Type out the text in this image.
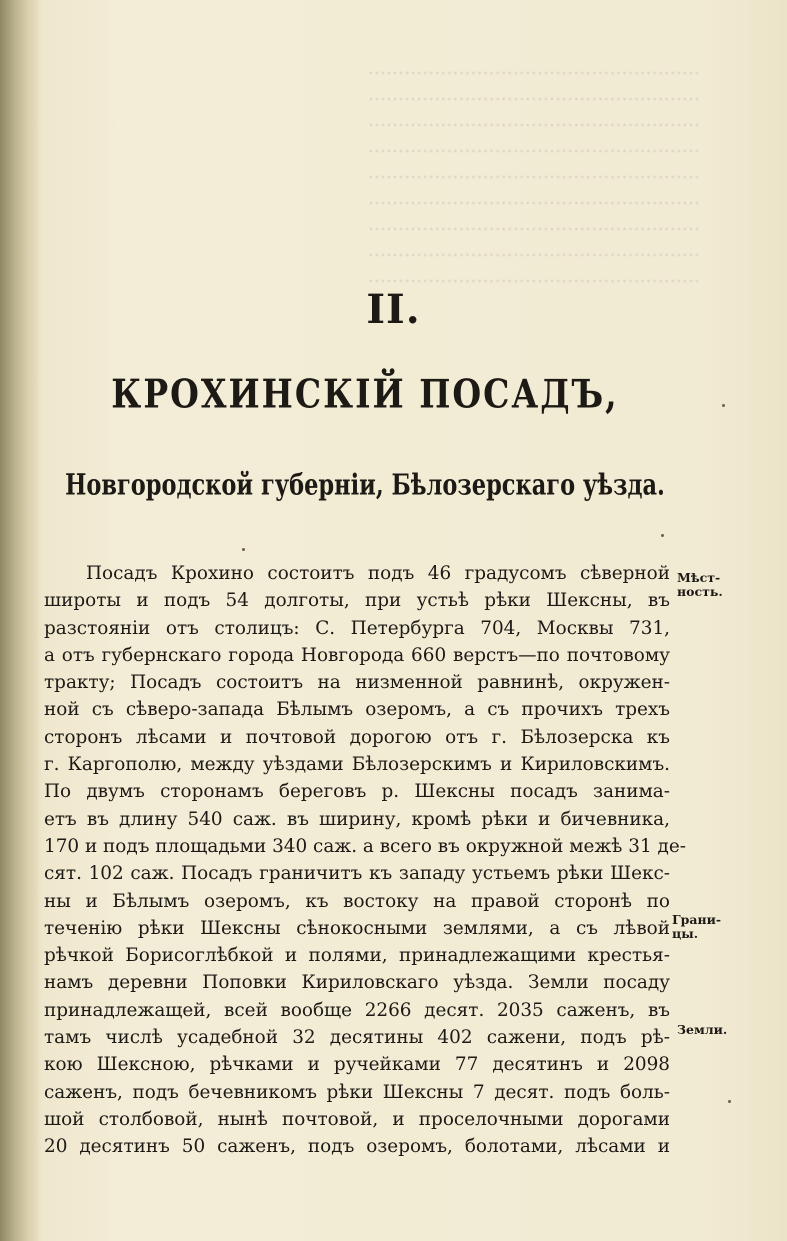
.......................................................
.......................................................
.......................................................
.......................................................
.......................................................
.......................................................
.......................................................
.......................................................
.......................................................
II.
КРОХИНСКІЙ ПОСАДЪ,
Новгородской губерніи, Бѣлозерскаго уѣзда.
Посадъ Крохино состоитъ подъ 46 градусомъ сѣверной
широты и подъ 54 долготы, при устьѣ рѣки Шексны, въ
разстояніи отъ столицъ: С. Петербурга 704, Москвы 731,
а отъ губернскаго города Новгорода 660 верстъ—по почтовому
тракту; Посадъ состоитъ на низменной равнинѣ, окружен-
ной съ сѣверо-запада Бѣлымъ озеромъ, а съ прочихъ трехъ
сторонъ лѣсами и почтовой дорогою отъ г. Бѣлозерска къ
г. Каргополю, между уѣздами Бѣлозерскимъ и Кириловскимъ.
По двумъ сторонамъ береговъ р. Шексны посадъ занима-
етъ въ длину 540 саж. въ ширину, кромѣ рѣки и бичевника,
170 и подъ площадьми 340 саж. а всего въ окружной межѣ 31 де-
сят. 102 саж. Посадъ граничитъ къ западу устьемъ рѣки Шекс-
ны и Бѣлымъ озеромъ, къ востоку на правой сторонѣ по
теченію рѣки Шексны сѣнокосными землями, а съ лѣвой
рѣчкой Борисоглѣбкой и полями, принадлежащими крестья-
намъ деревни Поповки Кириловскаго уѣзда. Земли посаду
принадлежащей, всей вообще 2266 десят. 2035 саженъ, въ
тамъ числѣ усадебной 32 десятины 402 сажени, подъ рѣ-
кою Шексною, рѣчками и ручейками 77 десятинъ и 2098
саженъ, подъ бечевникомъ рѣки Шексны 7 десят. подъ боль-
шой столбовой, нынѣ почтовой, и проселочными дорогами
20 десятинъ 50 саженъ, подъ озеромъ, болотами, лѣсами и
Мѣст-ность.
Грани-цы.
Земли.
